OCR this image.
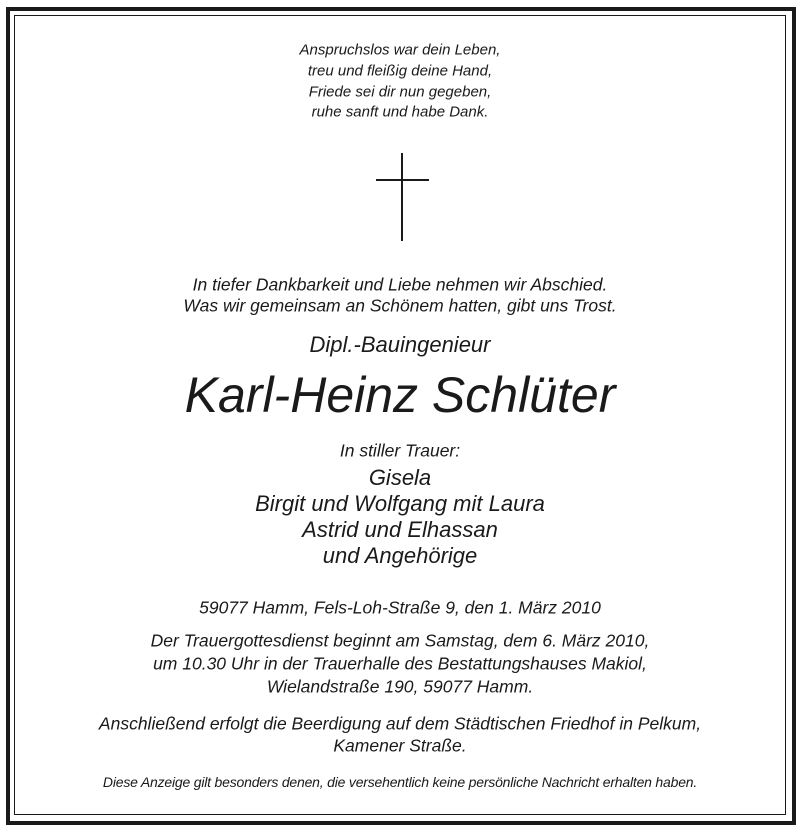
Anspruchslos war dein Leben,
treu und fleißig deine Hand,
Friede sei dir nun gegeben,
ruhe sanft und habe Dank.
In tiefer Dankbarkeit und Liebe nehmen wir Abschied.
Was wir gemeinsam an Schönem hatten, gibt uns Trost.
Dipl.-Bauingenieur
Karl-Heinz Schlüter
In stiller Trauer:
Gisela
Birgit und Wolfgang mit Laura
Astrid und Elhassan
und Angehörige
59077 Hamm, Fels-Loh-Straße 9, den 1. März 2010
Der Trauergottesdienst beginnt am Samstag, dem 6. März 2010,
um 10.30 Uhr in der Trauerhalle des Bestattungshauses Makiol,
Wielandstraße 190, 59077 Hamm.
Anschließend erfolgt die Beerdigung auf dem Städtischen Friedhof in Pelkum,
Kamener Straße.
Diese Anzeige gilt besonders denen, die versehentlich keine persönliche Nachricht erhalten haben.
